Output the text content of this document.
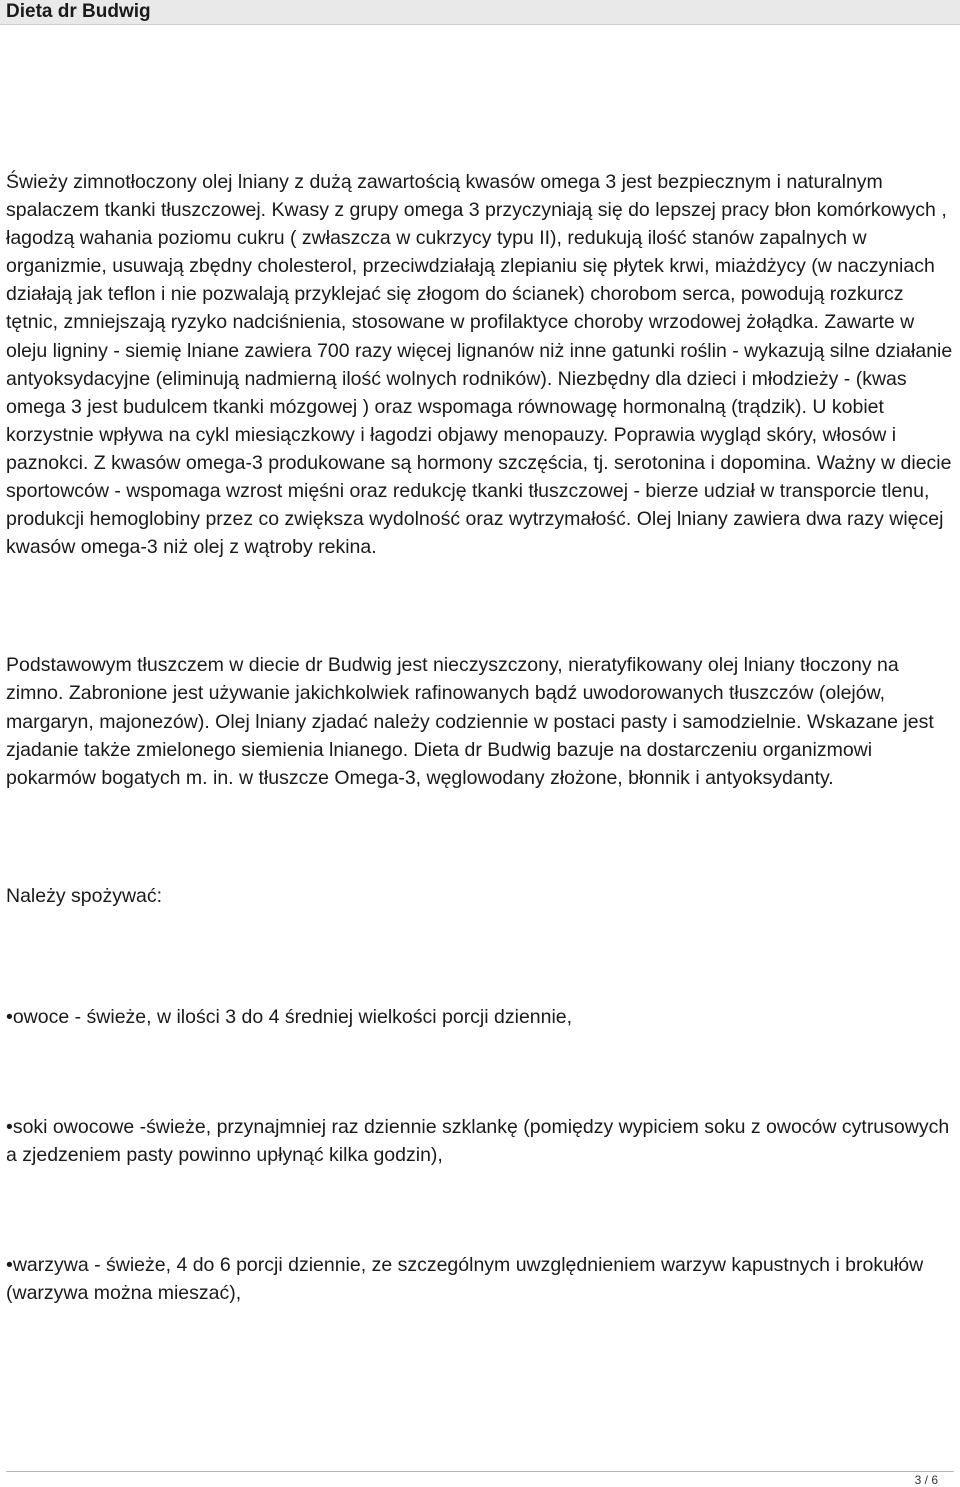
Dieta dr Budwig

Świeży zimnotłoczony olej lniany z dużą zawartością kwasów omega 3 jest bezpiecznym i naturalnym spalaczem tkanki tłuszczowej. Kwasy z grupy omega 3 przyczyniają się do lepszej pracy błon komórkowych , łagodzą wahania poziomu cukru ( zwłaszcza w cukrzycy typu II), redukują ilość stanów zapalnych w organizmie, usuwają zbędny cholesterol, przeciwdziałają zlepianiu się płytek krwi, miażdżycy (w naczyniach działają jak teflon i nie pozwalają przyklejać się złogom do ścianek) chorobom serca, powodują rozkurcz tętnic, zmniejszają ryzyko nadciśnienia, stosowane w profilaktyce choroby wrzodowej żołądka. Zawarte w oleju ligniny - siemię lniane zawiera 700 razy więcej lignanów niż inne gatunki roślin - wykazują silne działanie antyoksydacyjne (eliminują nadmierną ilość wolnych rodników). Niezbędny dla dzieci i młodzieży - (kwas omega 3 jest budulcem tkanki mózgowej ) oraz wspomaga równowagę hormonalną (trądzik). U kobiet korzystnie wpływa na cykl miesiączkowy i łagodzi objawy menopauzy. Poprawia wygląd skóry, włosów i paznokci. Z kwasów omega-3 produkowane są hormony szczęścia, tj. serotonina i dopomina. Ważny w diecie sportowców - wspomaga wzrost mięśni oraz redukcję tkanki tłuszczowej - bierze udział w transporcie tlenu, produkcji hemoglobiny przez co zwiększa wydolność oraz wytrzymałość. Olej lniany zawiera dwa razy więcej kwasów omega-3 niż olej z wątroby rekina.

Podstawowym tłuszczem w diecie dr Budwig jest nieczyszczony, nieratyfikowany olej lniany tłoczony na zimno. Zabronione jest używanie jakichkolwiek rafinowanych bądź uwodorowanych tłuszczów (olejów, margaryn, majonezów). Olej lniany zjadać należy codziennie w postaci pasty i samodzielnie. Wskazane jest zjadanie także zmielonego siemienia lnianego. Dieta dr Budwig bazuje na dostarczeniu organizmowi pokarmów bogatych m. in. w tłuszcze Omega-3, węglowodany złożone, błonnik i antyoksydanty.

Należy spożywać:

•owoce - świeże, w ilości 3 do 4 średniej wielkości porcji dziennie,

•soki owocowe -świeże, przynajmniej raz dziennie szklankę (pomiędzy wypiciem soku z owoców cytrusowych a zjedzeniem pasty powinno upłynąć kilka godzin),

•warzywa - świeże, 4 do 6 porcji dziennie, ze szczególnym uwzględnieniem warzyw kapustnych i brokułów (warzywa można mieszać),

3 / 6
